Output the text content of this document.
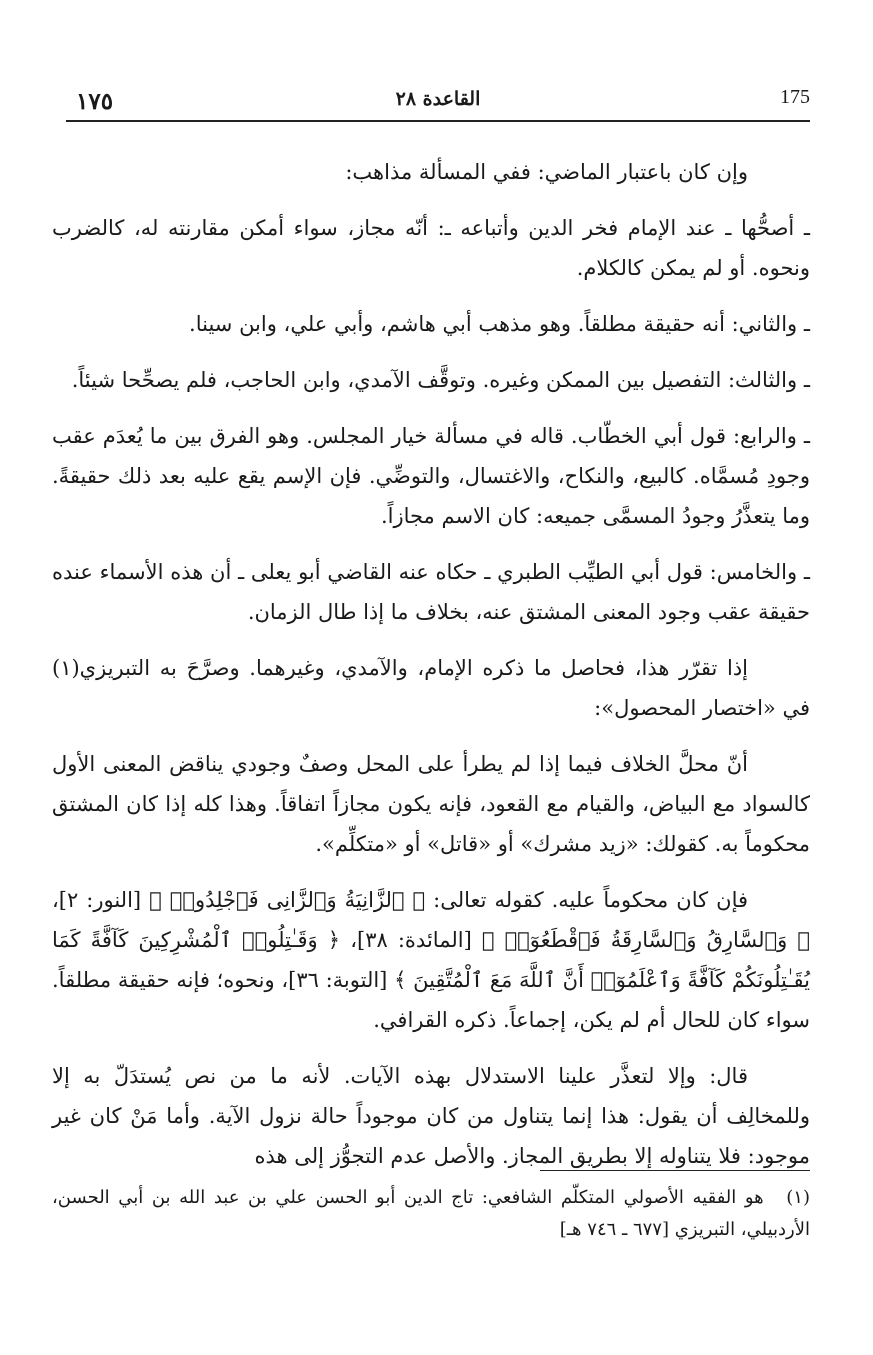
١٧٥	القاعدة ٢٨	175

وإن كان باعتبار الماضي: ففي المسألة مذاهب:

ـ أصحُّها ـ عند الإمام فخر الدين وأتباعه ـ: أنّه مجاز، سواء أمكن مقارنته له، كالضرب ونحوه. أو لم يمكن كالكلام.

ـ والثاني: أنه حقيقة مطلقاً. وهو مذهب أبي هاشم، وأبي علي، وابن سينا.

ـ والثالث: التفصيل بين الممكن وغيره. وتوقَّف الآمدي، وابن الحاجب، فلم يصحِّحا شيئاً.

ـ والرابع: قول أبي الخطّاب. قاله في مسألة خيار المجلس. وهو الفرق بين ما يُعدَم عقب وجودِ مُسمَّاه. كالبيع، والنكاح، والاغتسال، والتوضِّي. فإن الإسم يقع عليه بعد ذلك حقيقةً. وما يتعذَّرُ وجودُ المسمَّى جميعه: كان الاسم مجازاً.

ـ والخامس: قول أبي الطيِّب الطبري ـ حكاه عنه القاضي أبو يعلى ـ أن هذه الأسماء عنده حقيقة عقب وجود المعنى المشتق عنه، بخلاف ما إذا طال الزمان.

إذا تقرّر هذا، فحاصل ما ذكره الإمام، والآمدي، وغيرهما. وصرَّحَ به التبريزي(١) في «اختصار المحصول»:

أنّ محلَّ الخلاف فيما إذا لم يطرأ على المحل وصفٌ وجودي يناقض المعنى الأول كالسواد مع البياض، والقيام مع القعود، فإنه يكون مجازاً اتفاقاً. وهذا كله إذا كان المشتق محكوماً به. كقولك: «زيد مشرك» أو «قاتل» أو «متكلِّم».

فإن كان محكوماً عليه. كقوله تعالى: ﴿ ٱلزَّانِيَةُ وَٱلزَّانِى فَٱجْلِدُوا۟ ﴾ [النور: ٢]، ﴿ وَٱلسَّارِقُ وَٱلسَّارِقَةُ فَٱقْطَعُوٓا۟ ﴾ [المائدة: ٣٨]، ﴿ وَقَـٰتِلُوا۟ ٱلْمُشْرِكِينَ كَآفَّةً كَمَا يُقَـٰتِلُونَكُمْ كَآفَّةً وَٱعْلَمُوٓا۟ أَنَّ ٱللَّهَ مَعَ ٱلْمُتَّقِينَ ﴾ [التوبة: ٣٦]، ونحوه؛ فإنه حقيقة مطلقاً. سواء كان للحال أم لم يكن، إجماعاً. ذكره القرافي.

قال: وإلا لتعذَّر علينا الاستدلال بهذه الآيات. لأنه ما من نص يُستدَلّ به إلا وللمخالِف أن يقول: هذا إنما يتناول من كان موجوداً حالة نزول الآية. وأما مَنْ كان غير موجود: فلا يتناوله إلا بطريق المجاز. والأصل عدم التجوُّز إلى هذه

(١) هو الفقيه الأصولي المتكلّم الشافعي: تاج الدين أبو الحسن علي بن عبد الله بن أبي الحسن، الأردبيلي، التبريزي [٦٧٧ ـ ٧٤٦ هـ]
